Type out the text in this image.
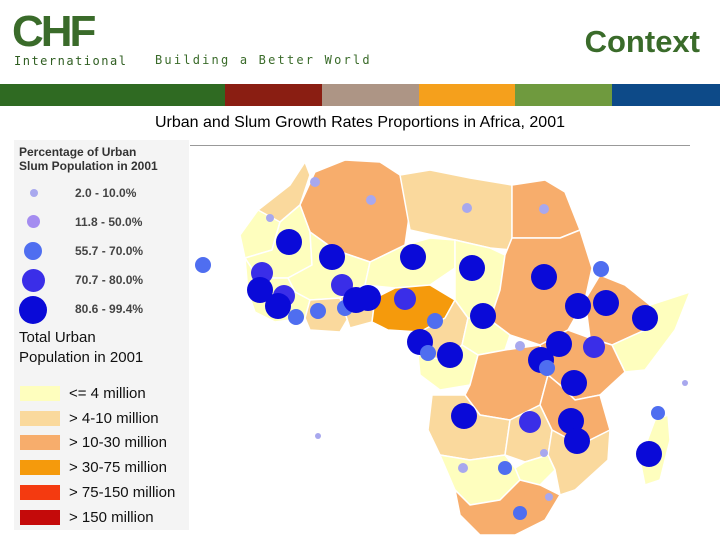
CHF
International Building a Better World
Context
Urban and Slum Growth Rates Proportions in Africa, 2001
Percentage of Urban
Slum Population in 2001
2.0 - 10.0%
11.8 - 50.0%
55.7 - 70.0%
70.7 - 80.0%
80.6 - 99.4%
Total Urban
Population in 2001
<= 4 million
> 4-10 million
> 10-30 million
> 30-75 million
> 75-150 million
> 150 million
